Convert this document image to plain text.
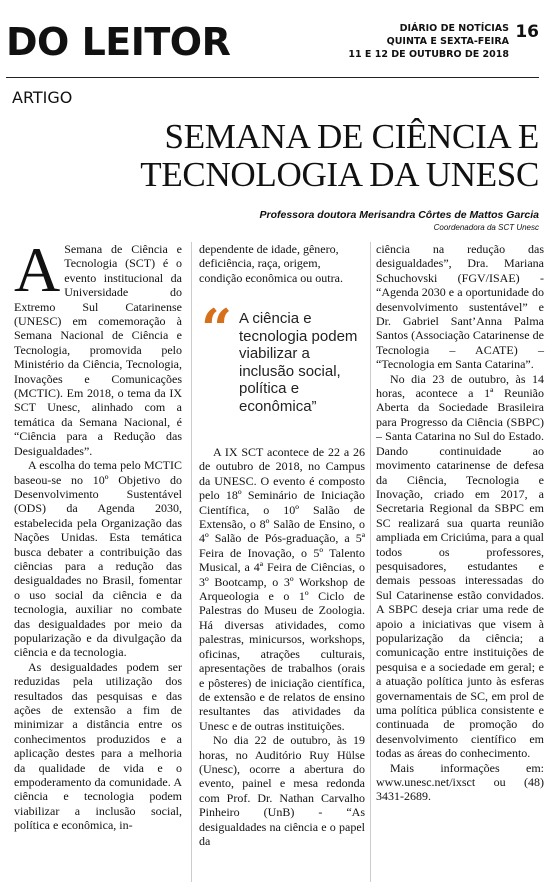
DO LEITOR	DIÁRIO DE NOTÍCIAS
QUINTA E SEXTA-FEIRA
11 E 12 DE OUTUBRO DE 2018
16
ARTIGO
SEMANA DE CIÊNCIA E
TECNOLOGIA DA UNESC
Professora doutora Merisandra Côrtes de Mattos Garcia
Coordenadora da SCT Unesc

A Semana de Ciência e Tecnologia (SCT) é o evento institucional da Universidade do Extremo Sul Catarinense (UNESC) em comemoração à Semana Nacional de Ciência e Tecnologia, promovida pelo Ministério da Ciência, Tecnologia, Inovações e Comunicações (MCTIC). Em 2018, o tema da IX SCT Unesc, alinhado com a temática da Semana Nacional, é “Ciência para a Redução das Desigualdades”.

A escolha do tema pelo MCTIC baseou-se no 10º Objetivo do Desenvolvimento Sustentável (ODS) da Agenda 2030, estabelecida pela Organização das Nações Unidas. Esta temática busca debater a contribuição das ciências para a redução das desigualdades no Brasil, fomentar o uso social da ciência e da tecnologia, auxiliar no combate das desigualdades por meio da popularização e da divulgação da ciência e da tecnologia.

As desigualdades podem ser reduzidas pela utilização dos resultados das pesquisas e das ações de extensão a fim de minimizar a distância entre os conhecimentos produzidos e a aplicação destes para a melhoria da qualidade de vida e o empoderamento da comunidade. A ciência e tecnologia podem viabilizar a inclusão social, política e econômica, in-

dependente de idade, gênero, deficiência, raça, origem, condição econômica ou outra.
“ A ciência e tecnologia podem viabilizar a inclusão social, política e econômica”

A IX SCT acontece de 22 a 26 de outubro de 2018, no Campus da UNESC. O evento é composto pelo 18º Seminário de Iniciação Científica, o 10º Salão de Extensão, o 8º Salão de Ensino, o 4º Salão de Pós-graduação, a 5ª Feira de Inovação, o 5º Talento Musical, a 4ª Feira de Ciências, o 3º Bootcamp, o 3º Workshop de Arqueologia e o 1º Ciclo de Palestras do Museu de Zoologia. Há diversas atividades, como palestras, minicursos, workshops, oficinas, atrações culturais, apresentações de trabalhos (orais e pôsteres) de iniciação científica, de extensão e de relatos de ensino resultantes das atividades da Unesc e de outras instituições.

No dia 22 de outubro, às 19 horas, no Auditório Ruy Hülse (Unesc), ocorre a abertura do evento, painel e mesa redonda com Prof. Dr. Nathan Carvalho Pinheiro (UnB) - “As desigualdades na ciência e o papel da

ciência na redução das desigualdades”, Dra. Mariana Schuchovski (FGV/ISAE) - “Agenda 2030 e a oportunidade do desenvolvimento sustentável” e Dr. Gabriel Sant’Anna Palma Santos (Associação Catarinense de Tecnologia – ACATE) – “Tecnologia em Santa Catarina”.

No dia 23 de outubro, às 14 horas, acontece a 1ª Reunião Aberta da Sociedade Brasileira para Progresso da Ciência (SBPC) – Santa Catarina no Sul do Estado. Dando continuidade ao movimento catarinense de defesa da Ciência, Tecnologia e Inovação, criado em 2017, a Secretaria Regional da SBPC em SC realizará sua quarta reunião ampliada em Criciúma, para a qual todos os professores, pesquisadores, estudantes e demais pessoas interessadas do Sul Catarinense estão convidados. A SBPC deseja criar uma rede de apoio a iniciativas que visem à popularização da ciência; a comunicação entre instituições de pesquisa e a sociedade em geral; e a atuação política junto às esferas governamentais de SC, em prol de uma política pública consistente e continuada de promoção do desenvolvimento científico em todas as áreas do conhecimento.

Mais informações em: www.unesc.net/ixsct ou (48) 3431-2689.
